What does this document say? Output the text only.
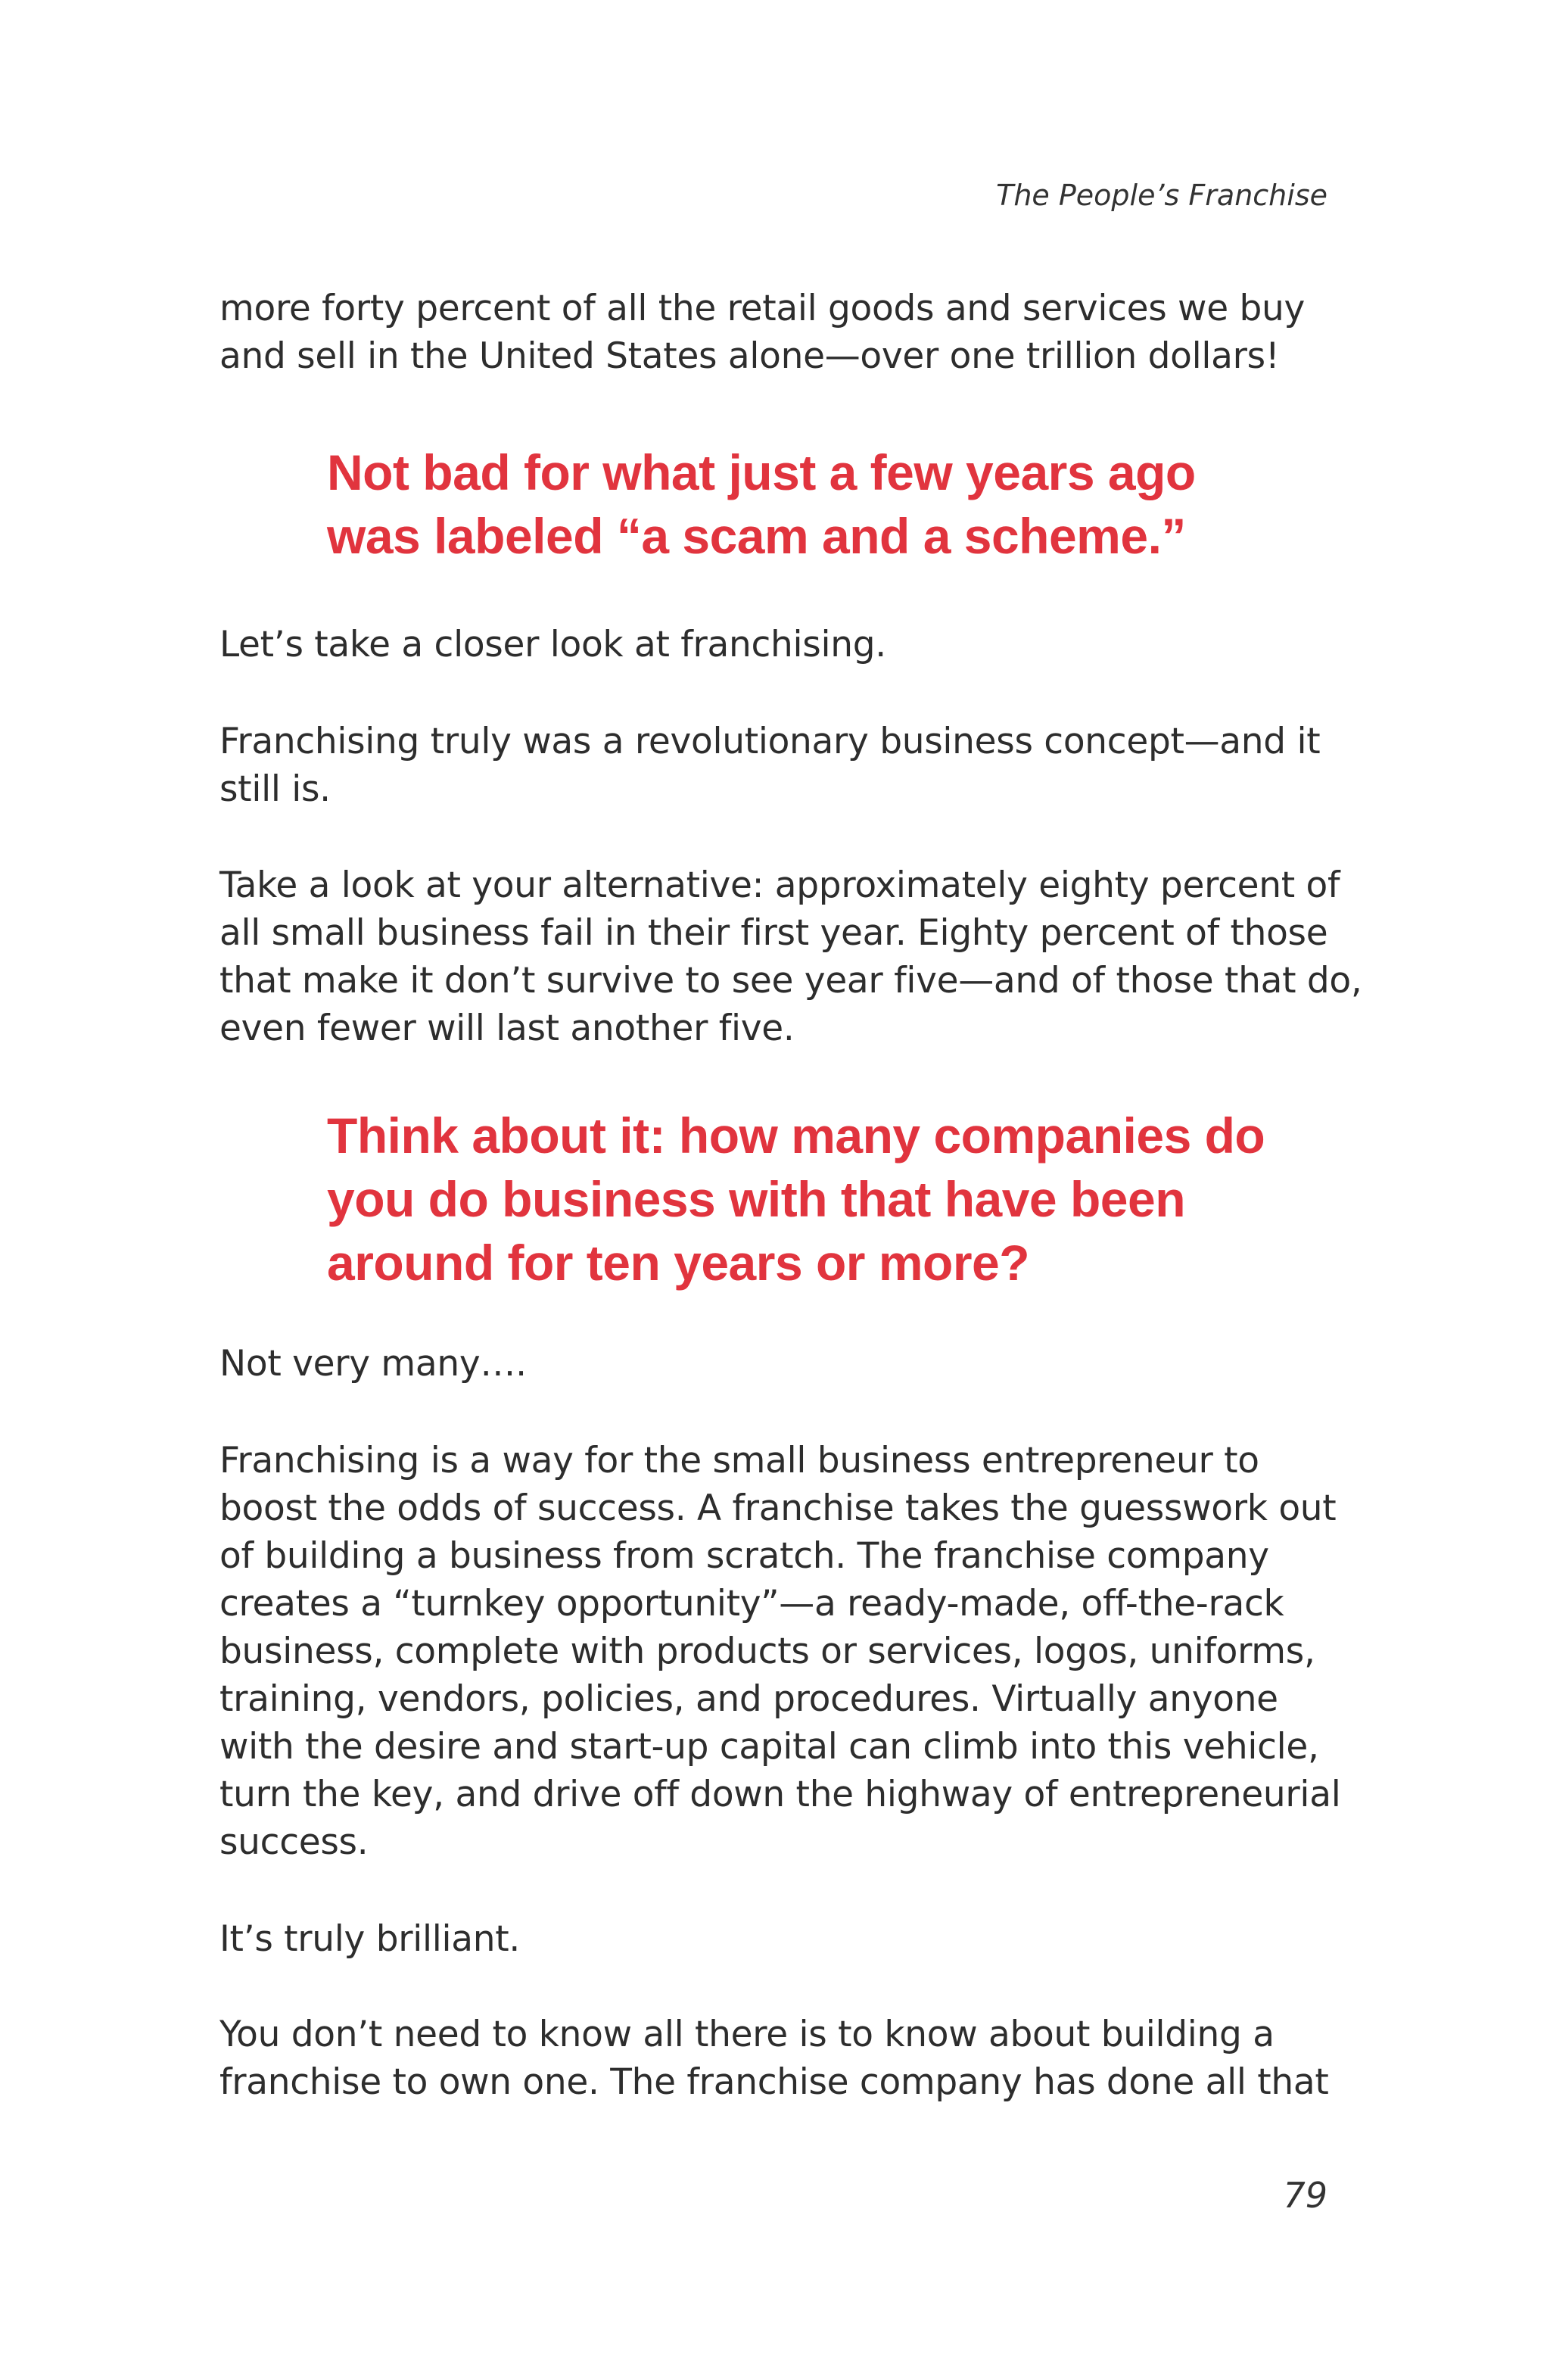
The People’s Franchise
more forty percent of all the retail goods and services we buy
and sell in the United States alone—over one trillion dollars!
Not bad for what just a few years ago
was labeled “a scam and a scheme.”
Let’s take a closer look at franchising.
Franchising truly was a revolutionary business concept—and it
still is.
Take a look at your alternative: approximately eighty percent of
all small business fail in their first year. Eighty percent of those
that make it don’t survive to see year five—and of those that do,
even fewer will last another five.
Think about it: how many companies do
you do business with that have been
around for ten years or more?
Not very many….
Franchising is a way for the small business entrepreneur to
boost the odds of success. A franchise takes the guesswork out
of building a business from scratch. The franchise company
creates a “turnkey opportunity”—a ready-made, off-the-rack
business, complete with products or services, logos, uniforms,
training, vendors, policies, and procedures. Virtually anyone
with the desire and start-up capital can climb into this vehicle,
turn the key, and drive off down the highway of entrepreneurial
success.
It’s truly brilliant.
You don’t need to know all there is to know about building a
franchise to own one. The franchise company has done all that
79
